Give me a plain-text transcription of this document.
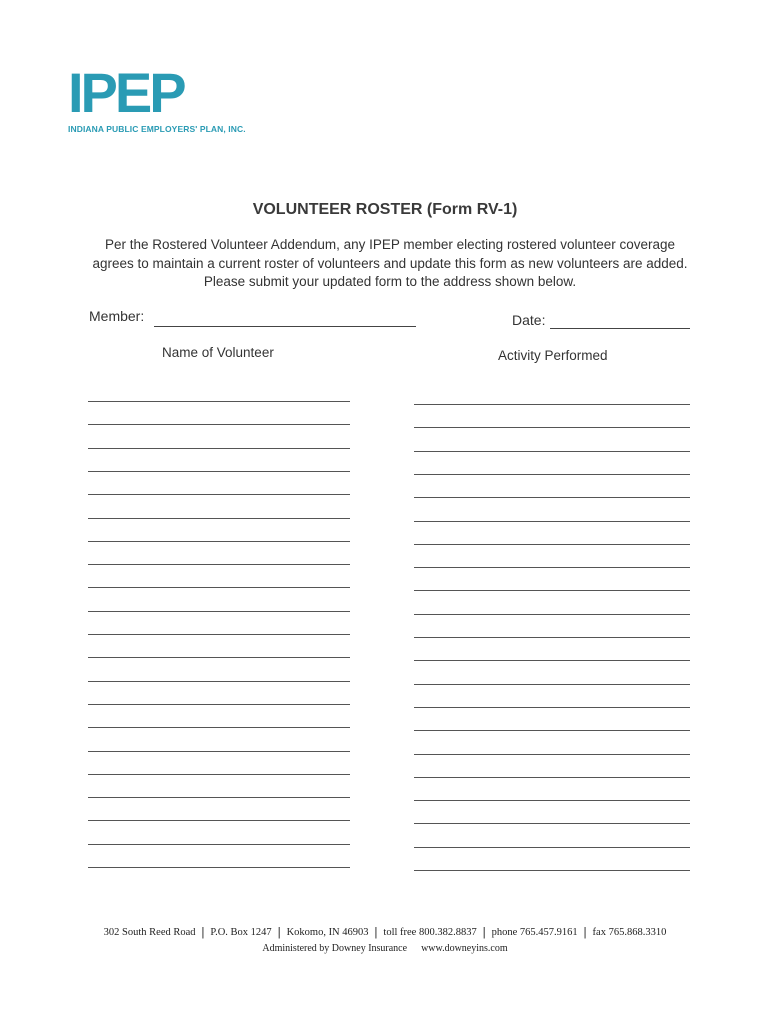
IPEP
INDIANA PUBLIC EMPLOYERS' PLAN, INC.
VOLUNTEER ROSTER (Form RV-1)
Per the Rostered Volunteer Addendum, any IPEP member electing rostered volunteer coverage
agrees to maintain a current roster of volunteers and update this form as new volunteers are added.
Please submit your updated form to the address shown below.
Member:	Date:
Name of Volunteer	Activity Performed
302 South Reed Road | P.O. Box 1247 | Kokomo, IN 46903 | toll free 800.382.8837 | phone 765.457.9161 | fax 765.868.3310
Administered by Downey Insurance www.downeyins.com
